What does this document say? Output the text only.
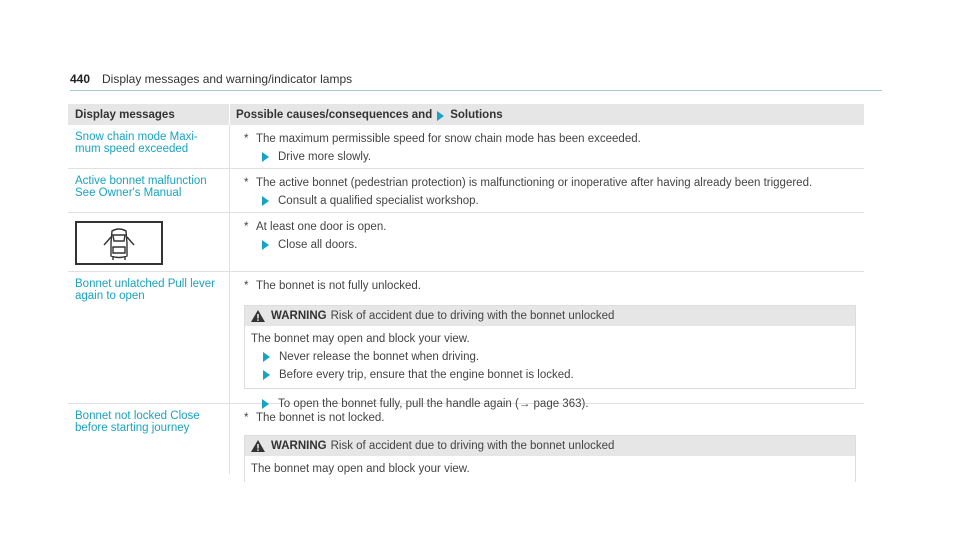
440 Display messages and warning/indicator lamps
Display messages	Possible causes/consequences and Solutions
Snow chain mode Maxi-
mum speed exceeded
* The maximum permissible speed for snow chain mode has been exceeded.
Drive more slowly.
Active bonnet malfunction
See Owner's Manual
* The active bonnet (pedestrian protection) is malfunctioning or inoperative after having already been triggered.
Consult a qualified specialist workshop.
* At least one door is open.
Close all doors.
Bonnet unlatched Pull lever
again to open
* The bonnet is not fully unlocked.
WARNING Risk of accident due to driving with the bonnet unlocked
The bonnet may open and block your view.
Never release the bonnet when driving.
Before every trip, ensure that the engine bonnet is locked.
To open the bonnet fully, pull the handle again (→ page 363).
Bonnet not locked Close
before starting journey
* The bonnet is not locked.
WARNING Risk of accident due to driving with the bonnet unlocked
The bonnet may open and block your view.
